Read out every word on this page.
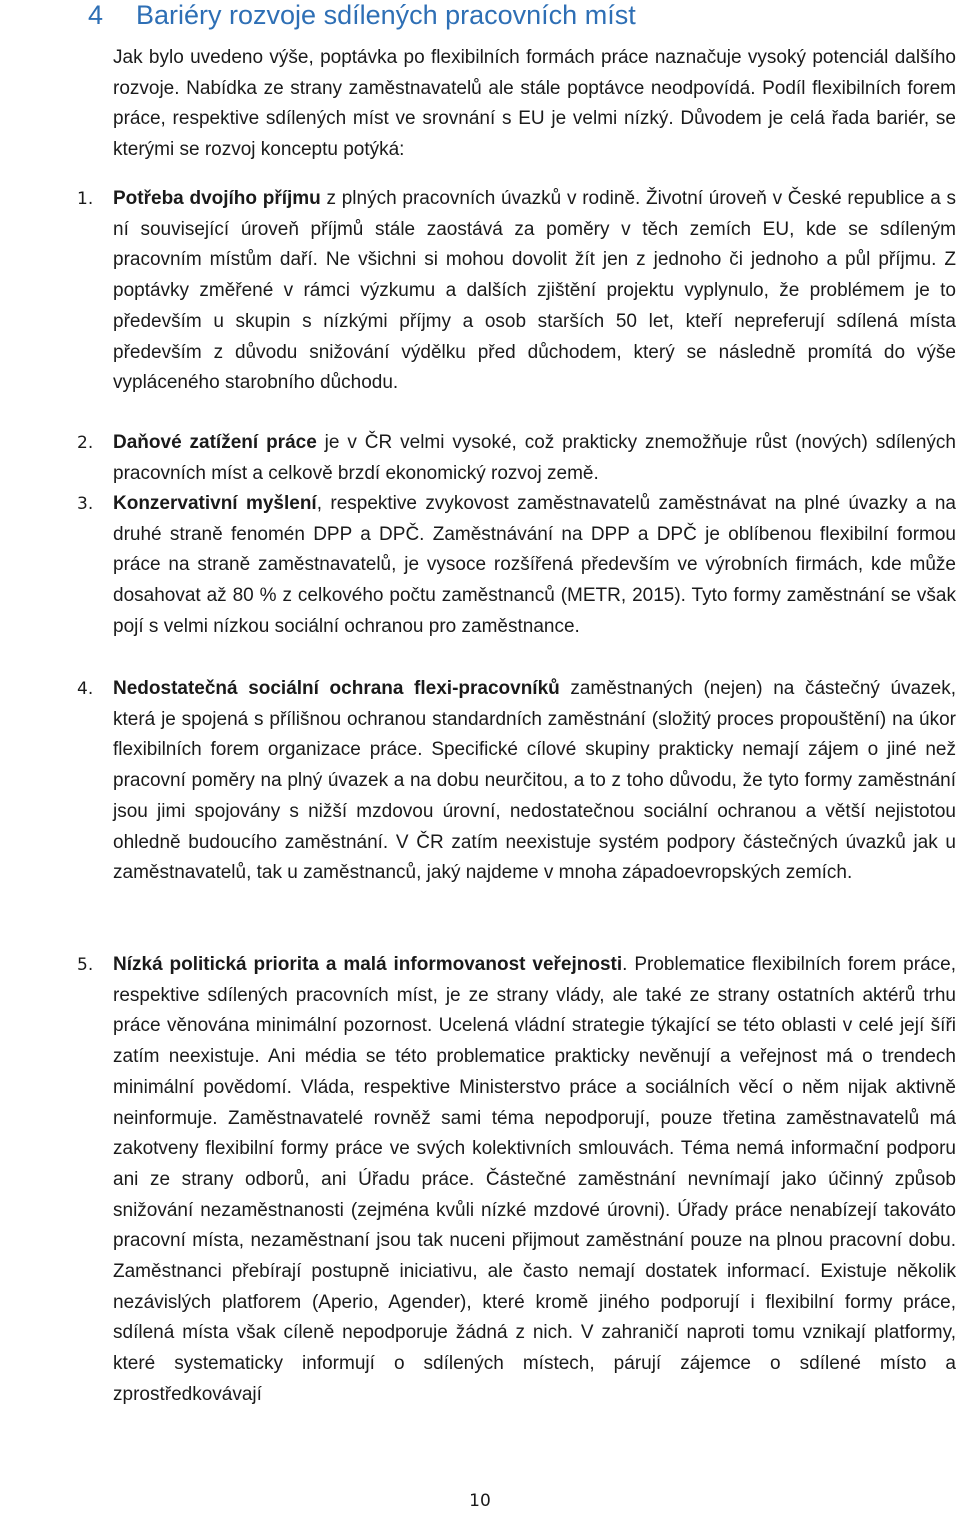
4 Bariéry rozvoje sdílených pracovních míst

Jak bylo uvedeno výše, poptávka po flexibilních formách práce naznačuje vysoký potenciál dalšího rozvoje. Nabídka ze strany zaměstnavatelů ale stále poptávce neodpovídá. Podíl flexibilních forem práce, respektive sdílených míst ve srovnání s EU je velmi nízký. Důvodem je celá řada bariér, se kterými se rozvoj konceptu potýká:

1. Potřeba dvojího příjmu z plných pracovních úvazků v rodině. Životní úroveň v České republice a s ní související úroveň příjmů stále zaostává za poměry v těch zemích EU, kde se sdíleným pracovním místům daří. Ne všichni si mohou dovolit žít jen z jednoho či jednoho a půl příjmu. Z poptávky změřené v rámci výzkumu a dalších zjištění projektu vyplynulo, že problémem je to především u skupin s nízkými příjmy a osob starších 50 let, kteří nepreferují sdílená místa především z důvodu snižování výdělku před důchodem, který se následně promítá do výše vypláceného starobního důchodu.

2. Daňové zatížení práce je v ČR velmi vysoké, což prakticky znemožňuje růst (nových) sdílených pracovních míst a celkově brzdí ekonomický rozvoj země.

3. Konzervativní myšlení, respektive zvykovost zaměstnavatelů zaměstnávat na plné úvazky a na druhé straně fenomén DPP a DPČ. Zaměstnávání na DPP a DPČ je oblíbenou flexibilní formou práce na straně zaměstnavatelů, je vysoce rozšířená především ve výrobních firmách, kde může dosahovat až 80 % z celkového počtu zaměstnanců (METR, 2015). Tyto formy zaměstnání se však pojí s velmi nízkou sociální ochranou pro zaměstnance.

4. Nedostatečná sociální ochrana flexi-pracovníků zaměstnaných (nejen) na částečný úvazek, která je spojená s přílišnou ochranou standardních zaměstnání (složitý proces propouštění) na úkor flexibilních forem organizace práce. Specifické cílové skupiny prakticky nemají zájem o jiné než pracovní poměry na plný úvazek a na dobu neurčitou, a to z toho důvodu, že tyto formy zaměstnání jsou jimi spojovány s nižší mzdovou úrovní, nedostatečnou sociální ochranou a větší nejistotou ohledně budoucího zaměstnání. V ČR zatím neexistuje systém podpory částečných úvazků jak u zaměstnavatelů, tak u zaměstnanců, jaký najdeme v mnoha západoevropských zemích.

5. Nízká politická priorita a malá informovanost veřejnosti. Problematice flexibilních forem práce, respektive sdílených pracovních míst, je ze strany vlády, ale také ze strany ostatních aktérů trhu práce věnována minimální pozornost. Ucelená vládní strategie týkající se této oblasti v celé její šíři zatím neexistuje. Ani média se této problematice prakticky nevěnují a veřejnost má o trendech minimální povědomí. Vláda, respektive Ministerstvo práce a sociálních věcí o něm nijak aktivně neinformuje. Zaměstnavatelé rovněž sami téma nepodporují, pouze třetina zaměstnavatelů má zakotveny flexibilní formy práce ve svých kolektivních smlouvách. Téma nemá informační podporu ani ze strany odborů, ani Úřadu práce. Částečné zaměstnání nevnímají jako účinný způsob snižování nezaměstnanosti (zejména kvůli nízké mzdové úrovni). Úřady práce nenabízejí takováto pracovní místa, nezaměstnaní jsou tak nuceni přijmout zaměstnání pouze na plnou pracovní dobu. Zaměstnanci přebírají postupně iniciativu, ale často nemají dostatek informací. Existuje několik nezávislých platforem (Aperio, Agender), které kromě jiného podporují i flexibilní formy práce, sdílená místa však cíleně nepodporuje žádná z nich. V zahraničí naproti tomu vznikají platformy, které systematicky informují o sdílených místech, párují zájemce o sdílené místo a zprostředkovávají

10
